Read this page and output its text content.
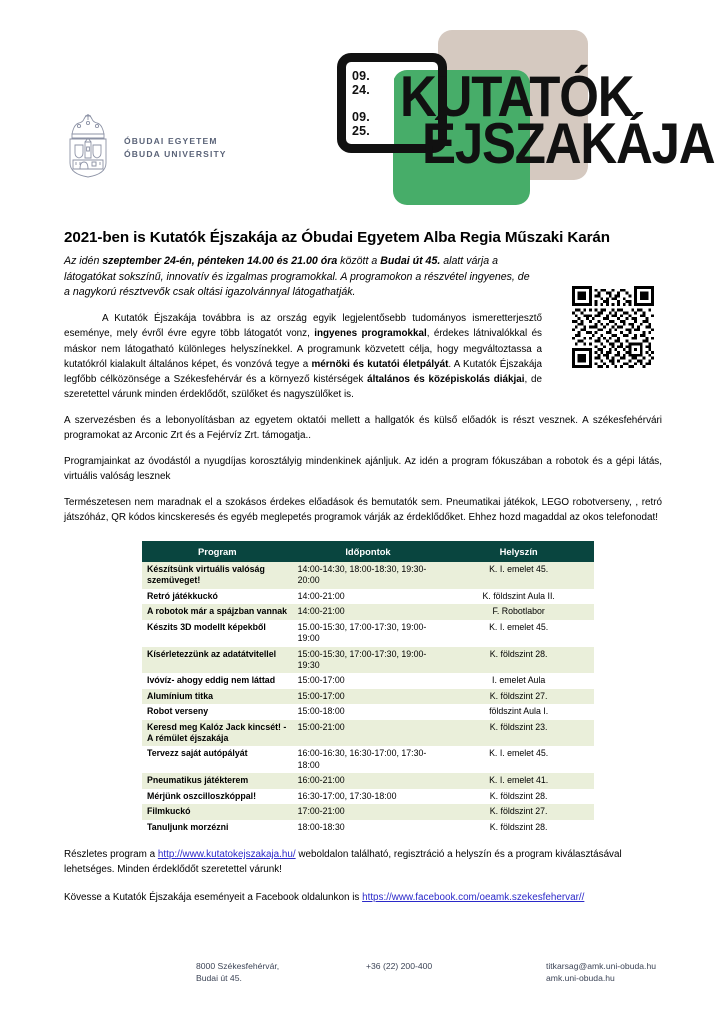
ÓBUDAI EGYETEM
ÓBUDA UNIVERSITY
09.
24.
09.
25.
KUTATÓK
ÉJSZAKÁJA
2021-ben is Kutatók Éjszakája az Óbudai Egyetem Alba Regia Műszaki Karán

Az idén szeptember 24-én, pénteken 14.00 és 21.00 óra között a Budai út 45. alatt várja a látogatókat sokszínű, innovatív és izgalmas programokkal. A programokon a részvétel ingyenes, de a nagykorú résztvevők csak oltási igazolvánnyal látogathatják.

A Kutatók Éjszakája továbbra is az ország egyik legjelentősebb tudományos ismeretterjesztő eseménye, mely évről évre egyre több látogatót vonz, ingyenes programokkal, érdekes látnivalókkal és máskor nem látogatható különleges helyszínekkel. A programunk közvetett célja, hogy megváltoztassa a kutatókról kialakult általános képet, és vonzóvá tegye a mérnöki és kutatói életpályát. A Kutatók Éjszakája legfőbb célközönsége a Székesfehérvár és a környező kistérségek általános és középiskolás diákjai, de szeretettel várunk minden érdeklődőt, szülőket és nagyszülőket is.

A szervezésben és a lebonyolításban az egyetem oktatói mellett a hallgatók és külső előadók is részt vesznek. A székesfehérvári programokat az Arconic Zrt és a Fejérvíz Zrt. támogatja..

Programjainkat az óvodástól a nyugdíjas korosztályig mindenkinek ajánljuk. Az idén a program fókuszában a robotok és a gépi látás, virtuális valóság lesznek

Természetesen nem maradnak el a szokásos érdekes előadások és bemutatók sem. Pneumatikai játékok, LEGO robotverseny, , retró játszóház, QR kódos kincskeresés és egyéb meglepetés programok várják az érdeklődőket. Ehhez hozd magaddal az okos telefonodat!

Program	Időpontok	Helyszín
Készítsünk virtuális valóság szemüveget!	14:00-14:30, 18:00-18:30, 19:30-20:00	K. I. emelet 45.
Retró játékkuckó	14:00-21:00	K. földszint Aula II.
A robotok már a spájzban vannak	14:00-21:00	F. Robotlabor
Készits 3D modellt képekből	15.00-15:30, 17:00-17:30, 19:00-19:00	K. I. emelet 45.
Kísérletezzünk az adatátvitellel	15:00-15:30, 17:00-17:30, 19:00-19:30	K. földszint 28.
Ivóvíz- ahogy eddig nem láttad	15:00-17:00	I. emelet Aula
Alumínium titka	15:00-17:00	K. földszint 27.
Robot verseny	15:00-18:00	földszint Aula I.
Keresd meg Kalóz Jack kincsét! - A rémület éjszakája	15:00-21:00	K. földszint 23.
Tervezz saját autópályát	16:00-16:30, 16:30-17:00, 17:30-18:00	K. I. emelet 45.
Pneumatikus játékterem	16:00-21:00	K. I. emelet 41.
Mérjünk oszcilloszkóppal!	16:30-17:00, 17:30-18:00	K. földszint 28.
Filmkuckó	17:00-21:00	K. földszint 27.
Tanuljunk morzézni	18:00-18:30	K. földszint 28.

Részletes program a http://www.kutatokejszakaja.hu/ weboldalon található, regisztráció a helyszín és a program kiválasztásával lehetséges. Minden érdeklődőt szeretettel várunk!

Kövesse a Kutatók Éjszakája eseményeit a Facebook oldalunkon is https://www.facebook.com/oeamk.szekesfehervar//

8000 Székesfehérvár,
Budai út 45.
+36 (22) 200-400	titkarsag@amk.uni-obuda.hu
amk.uni-obuda.hu
